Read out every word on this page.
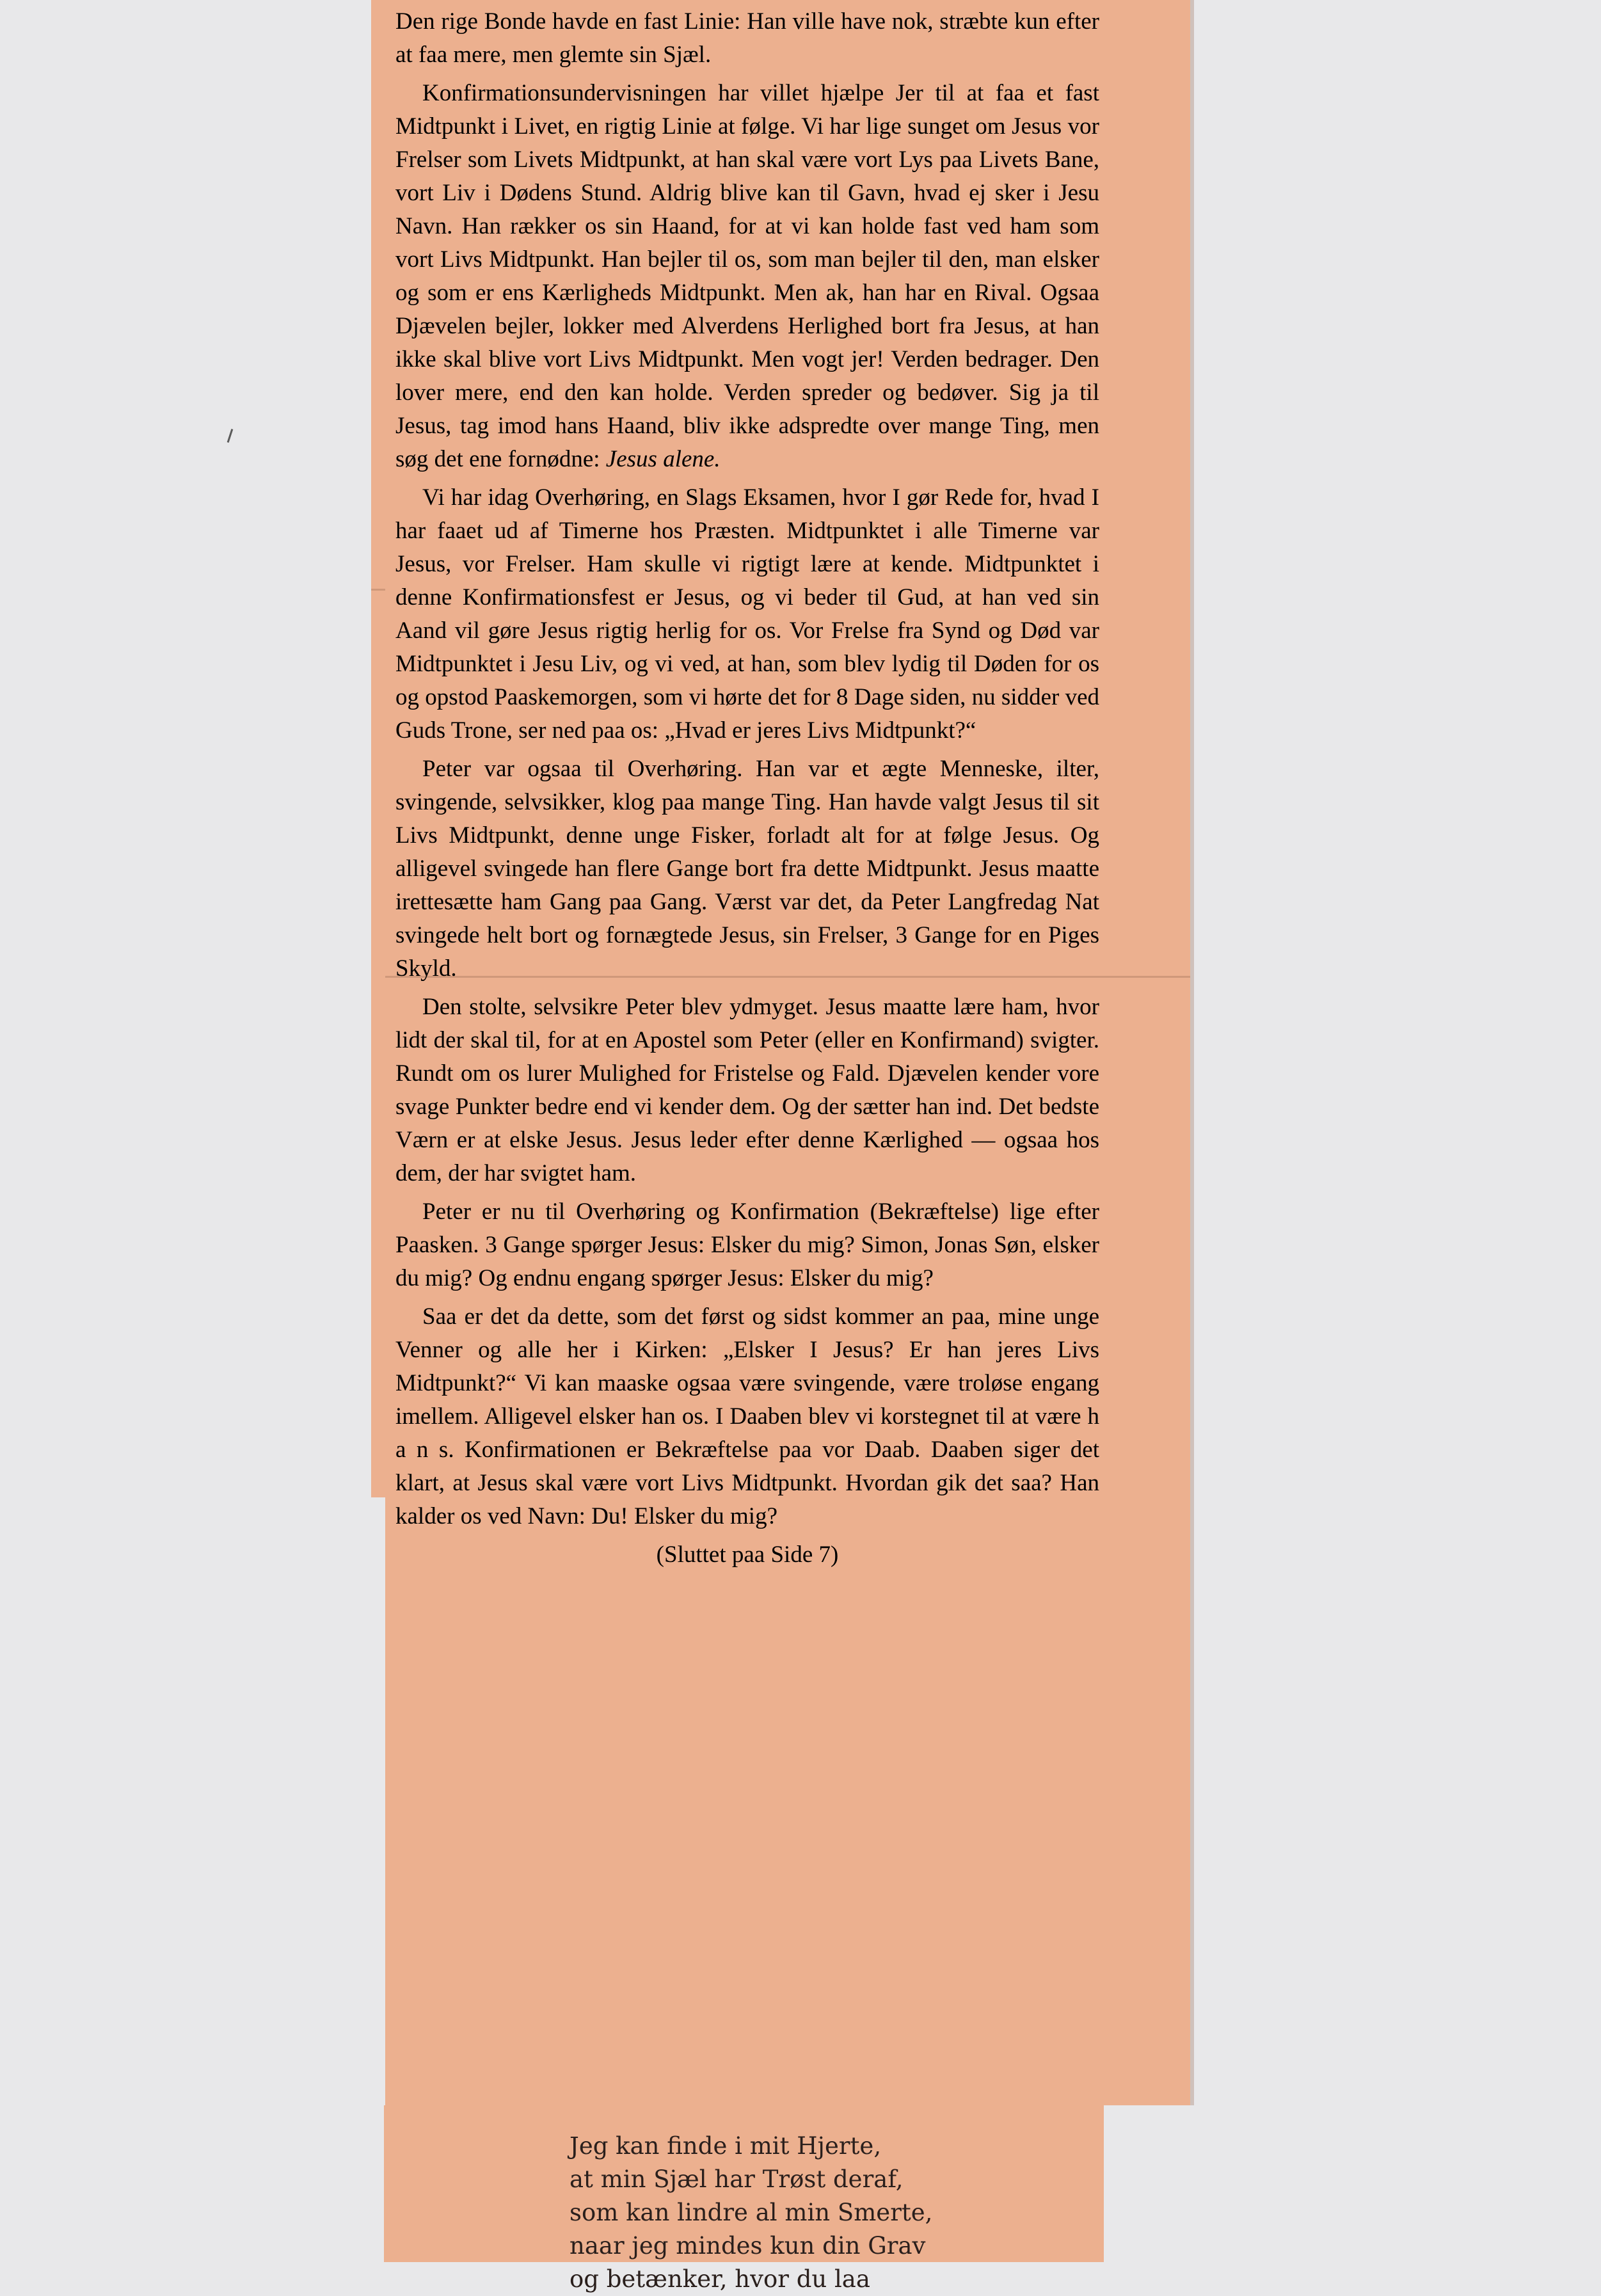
Den rige Bonde havde en fast Linie: Han ville have nok, stræbte kun efter at faa mere, men glemte sin Sjæl.

Konfirmationsundervisningen har villet hjælpe Jer til at faa et fast Midtpunkt i Livet, en rigtig Linie at følge. Vi har lige sunget om Jesus vor Frelser som Livets Midtpunkt, at han skal være vort Lys paa Livets Bane, vort Liv i Dødens Stund. Aldrig blive kan til Gavn, hvad ej sker i Jesu Navn. Han rækker os sin Haand, for at vi kan holde fast ved ham som vort Livs Midtpunkt. Han bejler til os, som man bejler til den, man elsker og som er ens Kærligheds Midtpunkt. Men ak, han har en Rival. Ogsaa Djævelen bejler, lokker med Alverdens Herlighed bort fra Jesus, at han ikke skal blive vort Livs Midtpunkt. Men vogt jer! Verden bedrager. Den lover mere, end den kan holde. Verden spreder og bedøver. Sig ja til Jesus, tag imod hans Haand, bliv ikke adspredte over mange Ting, men søg det ene fornødne: Jesus alene.

Vi har idag Overhøring, en Slags Eksamen, hvor I gør Rede for, hvad I har faaet ud af Timerne hos Præsten. Midtpunktet i alle Timerne var Jesus, vor Frelser. Ham skulle vi rigtigt lære at kende. Midtpunktet i denne Konfirmationsfest er Jesus, og vi beder til Gud, at han ved sin Aand vil gøre Jesus rigtig herlig for os. Vor Frelse fra Synd og Død var Midtpunktet i Jesu Liv, og vi ved, at han, som blev lydig til Døden for os og opstod Paaskemorgen, som vi hørte det for 8 Dage siden, nu sidder ved Guds Trone, ser ned paa os: „Hvad er jeres Livs Midtpunkt?“

Peter var ogsaa til Overhøring. Han var et ægte Menneske, ilter, svingende, selvsikker, klog paa mange Ting. Han havde valgt Jesus til sit Livs Midtpunkt, denne unge Fisker, forladt alt for at følge Jesus. Og alligevel svingede han flere Gange bort fra dette Midtpunkt. Jesus maatte irettesætte ham Gang paa Gang. Værst var det, da Peter Langfredag Nat svingede helt bort og fornægtede Jesus, sin Frelser, 3 Gange for en Piges Skyld.

Den stolte, selvsikre Peter blev ydmyget. Jesus maatte lære ham, hvor lidt der skal til, for at en Apostel som Peter (eller en Konfirmand) svigter. Rundt om os lurer Mulighed for Fristelse og Fald. Djævelen kender vore svage Punkter bedre end vi kender dem. Og der sætter han ind. Det bedste Værn er at elske Jesus. Jesus leder efter denne Kærlighed — ogsaa hos dem, der har svigtet ham.

Peter er nu til Overhøring og Konfirmation (Bekræftelse) lige efter Paasken. 3 Gange spørger Jesus: Elsker du mig? Simon, Jonas Søn, elsker du mig? Og endnu engang spørger Jesus: Elsker du mig?

Saa er det da dette, som det først og sidst kommer an paa, mine unge Venner og alle her i Kirken: „Elsker I Jesus? Er han jeres Livs Midtpunkt?“ Vi kan maaske ogsaa være svingende, være troløse engang imellem. Alligevel elsker han os. I Daaben blev vi korstegnet til at være h a n s. Konfirmationen er Bekræftelse paa vor Daab. Daaben siger det klart, at Jesus skal være vort Livs Midtpunkt. Hvordan gik det saa? Han kalder os ved Navn: Du! Elsker du mig?

(Sluttet paa Side 7)

Jeg kan finde i mit Hjerte,
at min Sjæl har Trøst deraf,
som kan lindre al min Smerte,
naar jeg mindes kun din Grav
og betænker, hvor du laa
